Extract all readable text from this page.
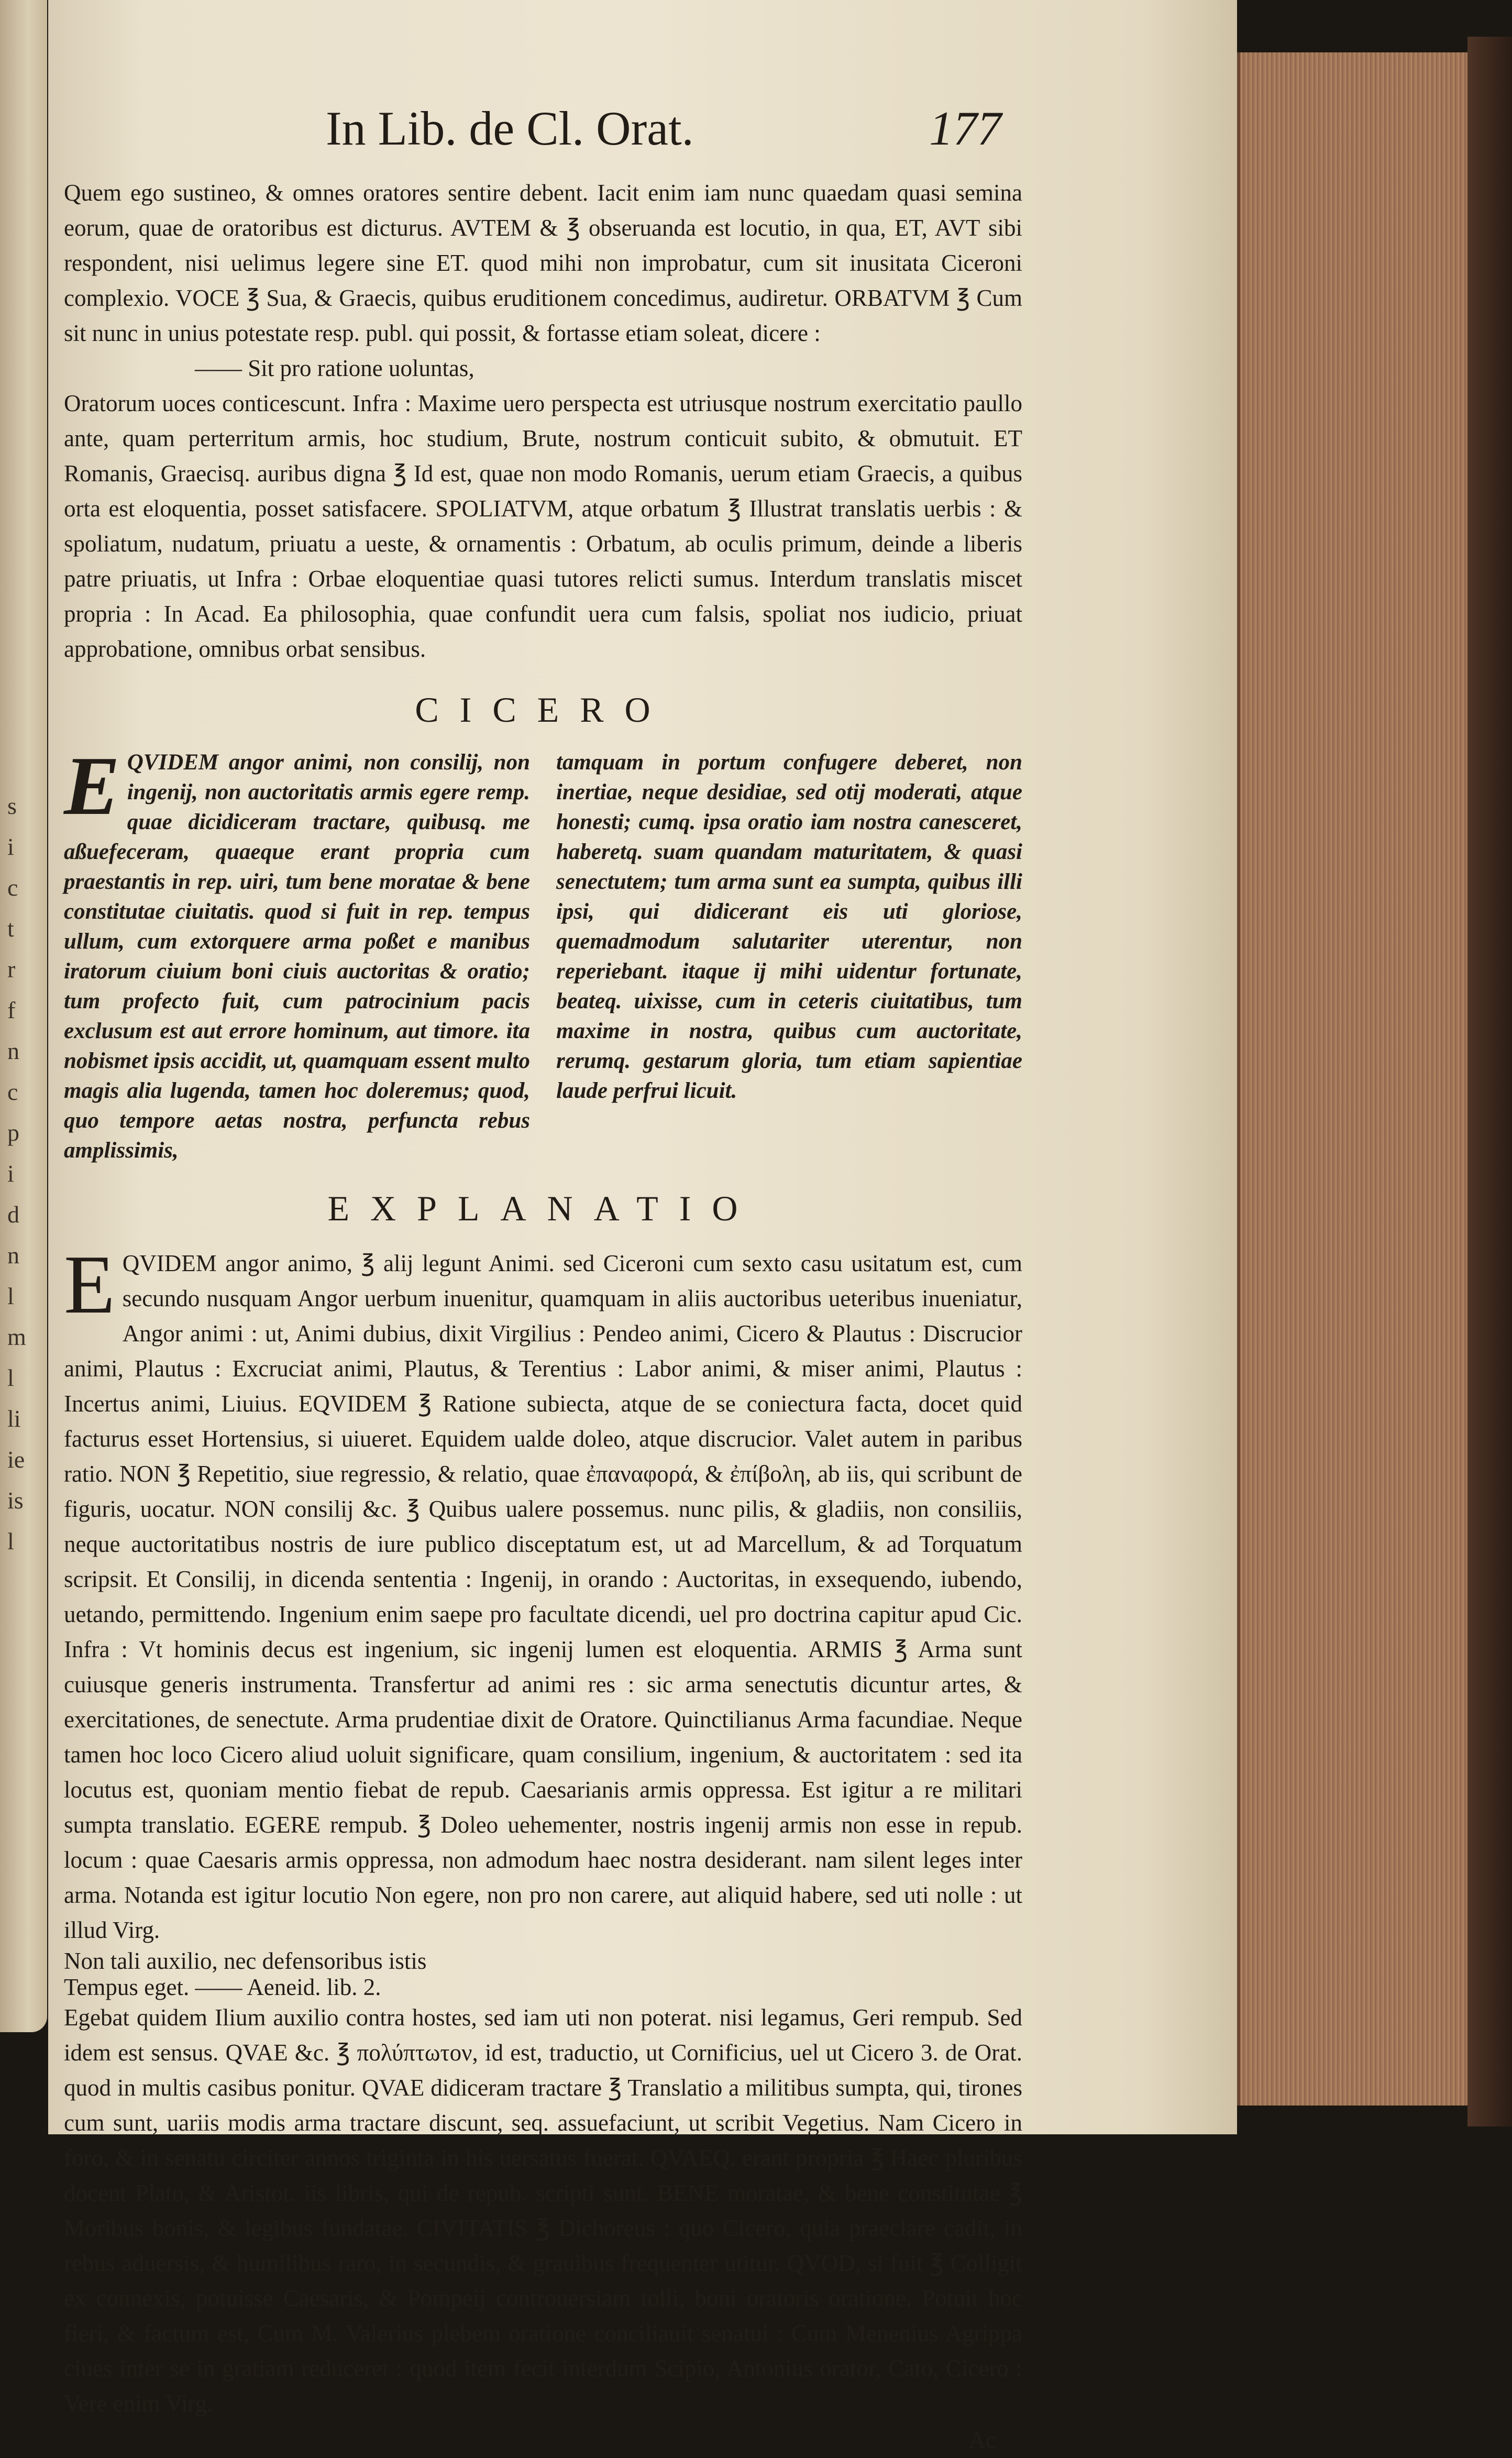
s
i
c
t
r
f
n
c
p
i
d
n
l
m
l
li
ie
is
l
In Lib. de Cl. Orat.	177

Quem ego sustineo, & omnes oratores sentire debent. Iacit enim iam nunc quaedam quasi semina eorum, quae de oratoribus est dicturus. AVTEM & ℥ obseruanda est locutio, in qua, ET, AVT sibi respondent, nisi uelimus legere sine ET. quod mihi non improbatur, cum sit inusitata Ciceroni complexio. VOCE ℥ Sua, & Graecis, quibus eruditionem concedimus, audiretur. ORBATVM ℥ Cum sit nunc in unius potestate resp. publ. qui possit, & fortasse etiam soleat, dicere :

—— Sit pro ratione uoluntas,

Oratorum uoces conticescunt. Infra : Maxime uero perspecta est utriusque nostrum exercitatio paullo ante, quam perterritum armis, hoc studium, Brute, nostrum conticuit subito, & obmutuit. ET Romanis, Graecisq. auribus digna ℥ Id est, quae non modo Romanis, uerum etiam Graecis, a quibus orta est eloquentia, posset satisfacere. SPOLIATVM, atque orbatum ℥ Illustrat translatis uerbis : & spoliatum, nudatum, priuatu a ueste, & ornamentis : Orbatum, ab oculis primum, deinde a liberis patre priuatis, ut Infra : Orbae eloquentiae quasi tutores relicti sumus. Interdum translatis miscet propria : In Acad. Ea philosophia, quae confundit uera cum falsis, spoliat nos iudicio, priuat approbatione, omnibus orbat sensibus.

CICERO
E QVIDEM angor animi, non consilij, non ingenij, non auctoritatis armis egere remp. quae dicidiceram tractare, quibusq. me aßuefeceram, quaeque erant propria cum praestantis in rep. uiri, tum bene moratae & bene constitutae ciuitatis. quod si fuit in rep. tempus ullum, cum extorquere arma poßet e manibus iratorum ciuium boni ciuis auctoritas & oratio; tum profecto fuit, cum patrocinium pacis exclusum est aut errore hominum, aut timore. ita nobismet ipsis accidit, ut, quamquam essent multo magis alia lugenda, tamen hoc doleremus; quod, quo tempore aetas nostra, perfuncta rebus amplissimis,
tamquam in portum confugere deberet, non inertiae, neque desidiae, sed otij moderati, atque honesti; cumq. ipsa oratio iam nostra canesceret, haberetq. suam quandam maturitatem, & quasi senectutem; tum arma sunt ea sumpta, quibus illi ipsi, qui didicerant eis uti gloriose, quemadmodum salutariter uterentur, non reperiebant. itaque ij mihi uidentur fortunate, beateq. uixisse, cum in ceteris ciuitatibus, tum maxime in nostra, quibus cum auctoritate, rerumq. gestarum gloria, tum etiam sapientiae laude perfrui licuit.
EXPLANATIO

E QVIDEM angor animo, ℥ alij legunt Animi. sed Ciceroni cum sexto casu usitatum est, cum secundo nusquam Angor uerbum inuenitur, quamquam in aliis auctoribus ueteribus inueniatur, Angor animi : ut, Animi dubius, dixit Virgilius : Pendeo animi, Cicero & Plautus : Discrucior animi, Plautus : Excruciat animi, Plautus, & Terentius : Labor animi, & miser animi, Plautus : Incertus animi, Liuius. EQVIDEM ℥ Ratione subiecta, atque de se coniectura facta, docet quid facturus esset Hortensius, si uiueret. Equidem ualde doleo, atque discrucior. Valet autem in paribus ratio. NON ℥ Repetitio, siue regressio, & relatio, quae ἐπαναφορά, & ἐπίβολη, ab iis, qui scribunt de figuris, uocatur. NON consilij &c. ℥ Quibus ualere possemus. nunc pilis, & gladiis, non consiliis, neque auctoritatibus nostris de iure publico disceptatum est, ut ad Marcellum, & ad Torquatum scripsit. Et Consilij, in dicenda sententia : Ingenij, in orando : Auctoritas, in exsequendo, iubendo, uetando, permittendo. Ingenium enim saepe pro facultate dicendi, uel pro doctrina capitur apud Cic. Infra : Vt hominis decus est ingenium, sic ingenij lumen est eloquentia. ARMIS ℥ Arma sunt cuiusque generis instrumenta. Transfertur ad animi res : sic arma senectutis dicuntur artes, & exercitationes, de senectute. Arma prudentiae dixit de Oratore. Quinctilianus Arma facundiae. Neque tamen hoc loco Cicero aliud uoluit significare, quam consilium, ingenium, & auctoritatem : sed ita locutus est, quoniam mentio fiebat de repub. Caesarianis armis oppressa. Est igitur a re militari sumpta translatio. EGERE rempub. ℥ Doleo uehementer, nostris ingenij armis non esse in repub. locum : quae Caesaris armis oppressa, non admodum haec nostra desiderant. nam silent leges inter arma. Notanda est igitur locutio Non egere, non pro non carere, aut aliquid habere, sed uti nolle : ut illud Virg.

Non tali auxilio, nec defensoribus istis

Tempus eget. —— Aeneid. lib. 2.

Egebat quidem Ilium auxilio contra hostes, sed iam uti non poterat. nisi legamus, Geri rempub. Sed idem est sensus. QVAE &c. ℥ πολύπτωτον, id est, traductio, ut Cornificius, uel ut Cicero 3. de Orat. quod in multis casibus ponitur. QVAE didiceram tractare ℥ Translatio a militibus sumpta, qui, tirones cum sunt, uariis modis arma tractare discunt, seq. assuefaciunt, ut scribit Vegetius. Nam Cicero in foro, & in senatu circiter annos triginta in his uersatus fuerat. QVAEQ. erant propria ℥ Haec pluribus docent Plato, & Aristot. iis libris, qui de repub. scripti sunt. BENE moratae, & bene constitutae ℥ Moribus bonis, & legibus fundatae. CIVITATIS ℥ Dichoreus : quo Cicero, quia praeclare cadit, in rebus aduersis, & humilibus raro, in secundis, & grauibus frequenter utitur. QVOD, si fuit ℥ Colligit ex connexis, potuisse Caesaris, & Pompeij controuersiam tolli, boni oratoris oratione. Potuit hoc fieri, & factum est, Cum M. Valerius plebem oratione conciliauit senatui : Cum Menenius Agrippa ciues inter se in gratiam reduceret : quod item fecit interdum Scipio, Antonius orator, Cato, Cicero : Vere enim Virg.

Ac
